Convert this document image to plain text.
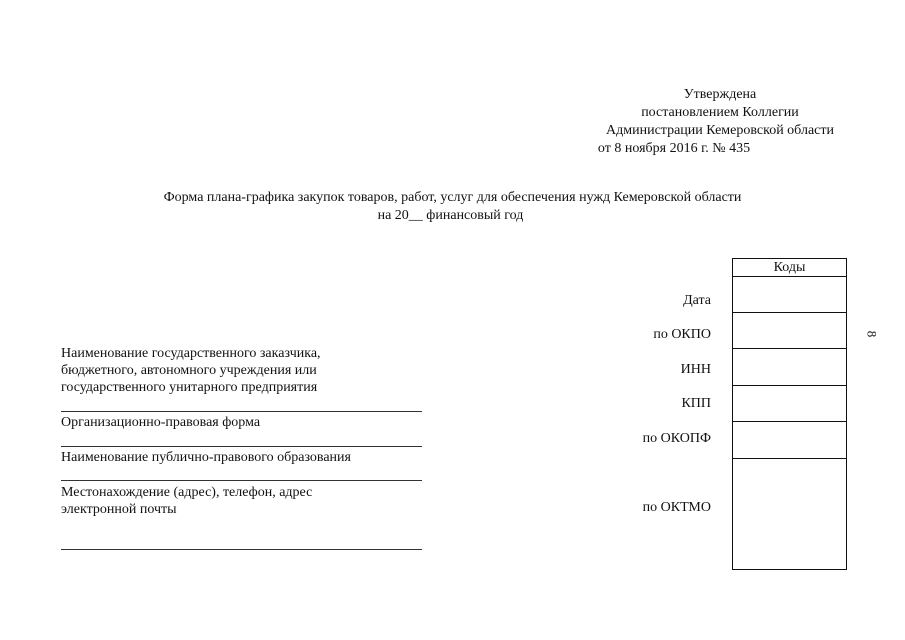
Утверждена
постановлением Коллегии
Администрации Кемеровской области
от 8 ноября 2016 г. № 435
Форма плана-графика закупок товаров, работ, услуг для обеспечения нужд Кемеровской области
на 20__ финансовый год
Коды
Дата
по ОКПО
ИНН
КПП
по ОКОПФ
по ОКТМО
Наименование государственного заказчика,
бюджетного, автономного учреждения или
государственного унитарного предприятия
Организационно-правовая форма
Наименование публично-правового образования
Местонахождение (адрес), телефон, адрес
электронной почты
8
